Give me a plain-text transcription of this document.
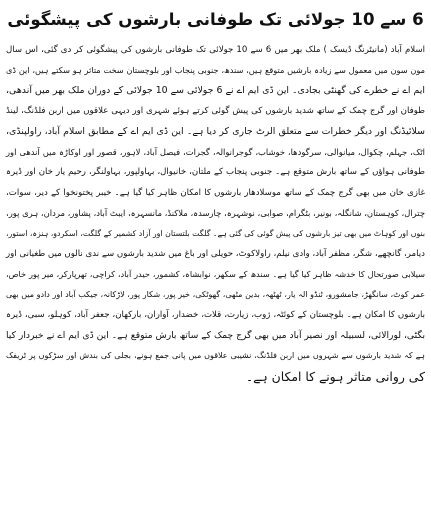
6 سے 10 جولائی تک طوفانی بارشوں کی پیشگوئی
اسلام آباد (مانیٹرنگ ڈیسک ) ملک بھر میں 6 سے 10 جولائی تک طوفانی بارشوں کی پیشگوئی کر دی گئی، اس سال
مون سون میں معمول سے زیادہ بارشیں متوقع ہیں، سندھ، جنوبی پنجاب اور بلوچستان سخت متاثر ہو سکتے ہیں، این ڈی
ایم اے نے خطرے کی گھنٹی بجادی۔ این ڈی ایم اے نے 6 جولائی سے 10 جولائی کے دوران ملک بھر میں آندھی،
طوفان اور گرج چمک کے ساتھ شدید بارشوں کی پیش گوئی کرتے ہوئے شہری اور دیہی علاقوں میں اربن فلڈنگ، لینڈ
سلائیڈنگ اور دیگر خطرات سے متعلق الرٹ جاری کر دیا ہے۔ این ڈی ایم اے کے مطابق اسلام آباد، راولپنڈی،
اٹک، جہلم، چکوال، میانوالی، سرگودھا، خوشاب، گوجرانوالہ، گجرات، فیصل آباد، لاہور، قصور اور اوکاڑہ میں آندھی اور
طوفانی ہواؤں کے ساتھ بارش متوقع ہے۔ جنوبی پنجاب کے ملتان، خانیوال، بہاولپور، بہاولنگر، رحیم یار خان اور ڈیرہ
غازی خان میں بھی گرج چمک کے ساتھ موسلادھار بارشوں کا امکان ظاہر کیا گیا ہے۔ خیبر پختونخوا کے دیر، سوات،
چترال، کوہستان، شانگلہ، بونیر، بٹگرام، صوابی، نوشہرہ، چارسدہ، ملاکنڈ، مانسہرہ، ایبٹ آباد، پشاور، مردان، ہری پور،
بنوں اور کوہاٹ میں بھی تیز بارشوں کی پیش گوئی کی گئی ہے۔ گلگت بلتستان اور آزاد کشمیر کے گلگت، اسکردو، ہنزہ، استور،
دیامر، گانچھے، شگر، مظفر آباد، وادی نیلم، راولاکوٹ، حویلی اور باغ میں شدید بارشوں سے ندی نالوں میں طغیانی اور
سیلابی صورتحال کا خدشہ ظاہر کیا گیا ہے۔ سندھ کے سکھر، نوابشاہ، کشمور، حیدر آباد، کراچی، تھرپارکر، میر پور خاص،
عمر کوٹ، سانگھڑ، جامشورو، ٹنڈو الہ یار، ٹھٹھہ، بدین مٹھی، گھوٹکی، خیر پور، شکار پور، لاڑکانہ، جیکب آباد اور دادو میں بھی
بارشوں کا امکان ہے۔ بلوچستان کے کوئٹہ، ژوب، زیارت، قلات، خضدار، آواران، بارکھان، جعفر آباد، کوہلو، سبی، ڈیرہ
بگٹی، لورالائی، لسبیلہ اور نصیر آباد میں بھی گرج چمک کے ساتھ بارش متوقع ہے۔ این ڈی ایم اے نے خبردار کیا
ہے کہ شدید بارشوں سے شہروں میں اربن فلڈنگ، نشیبی علاقوں میں پانی جمع ہونے، بجلی کی بندش اور سڑکوں پر ٹریفک
کی روانی متاثر ہونے کا امکان ہے۔
